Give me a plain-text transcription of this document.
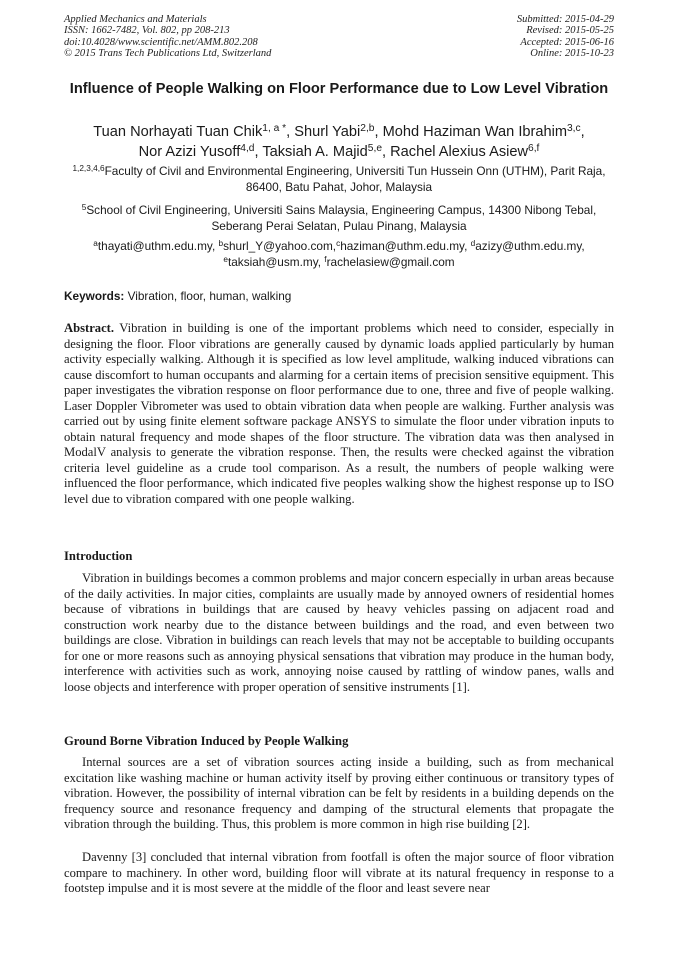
Applied Mechanics and Materials
ISSN: 1662-7482, Vol. 802, pp 208-213
doi:10.4028/www.scientific.net/AMM.802.208
© 2015 Trans Tech Publications Ltd, Switzerland
Submitted: 2015-04-29
Revised: 2015-05-25
Accepted: 2015-06-16
Online: 2015-10-23
Influence of People Walking on Floor Performance due to Low Level Vibration
Tuan Norhayati Tuan Chik$^{1, a *}$, Shurl Yabi$^{2,b}$, Mohd Haziman Wan Ibrahim$^{3,c}$,
Nor Azizi Yusoff$^{4,d}$, Taksiah A. Majid$^{5,e}$, Rachel Alexius Asiew$^{6,f}$
$^{1,2,3,4,6}$Faculty of Civil and Environmental Engineering, Universiti Tun Hussein Onn (UTHM), Parit Raja, 86400, Batu Pahat, Johor, Malaysia
$^5$School of Civil Engineering, Universiti Sains Malaysia, Engineering Campus, 14300 Nibong Tebal, Seberang Perai Selatan, Pulau Pinang, Malaysia
$^a$thayati@uthm.edu.my, $^b$shurl_Y@yahoo.com,$^c$haziman@uthm.edu.my, $^d$azizy@uthm.edu.my,
$^e$taksiah@usm.my, $^f$rachelasiew@gmail.com
Keywords: Vibration, floor, human, walking
Abstract. Vibration in building is one of the important problems which need to consider, especially in designing the floor. Floor vibrations are generally caused by dynamic loads applied particularly by human activity especially walking. Although it is specified as low level amplitude, walking induced vibrations can cause discomfort to human occupants and alarming for a certain items of precision sensitive equipment. This paper investigates the vibration response on floor performance due to one, three and five of people walking. Laser Doppler Vibrometer was used to obtain vibration data when people are walking. Further analysis was carried out by using finite element software package ANSYS to simulate the floor under vibration inputs to obtain natural frequency and mode shapes of the floor structure. The vibration data was then analysed in ModalV analysis to generate the vibration response. Then, the results were checked against the vibration criteria level guideline as a crude tool comparison. As a result, the numbers of people walking were influenced the floor performance, which indicated five peoples walking show the highest response up to ISO level due to vibration compared with one people walking.
Introduction
Vibration in buildings becomes a common problems and major concern especially in urban areas because of the daily activities. In major cities, complaints are usually made by annoyed owners of residential homes because of vibrations in buildings that are caused by heavy vehicles passing on adjacent road and construction work nearby due to the distance between buildings and the road, and even between two buildings are close. Vibration in buildings can reach levels that may not be acceptable to building occupants for one or more reasons such as annoying physical sensations that vibration may produce in the human body, interference with activities such as work, annoying noise caused by rattling of window panes, walls and loose objects and interference with proper operation of sensitive instruments [1].
Ground Borne Vibration Induced by People Walking
Internal sources are a set of vibration sources acting inside a building, such as from mechanical excitation like washing machine or human activity itself by proving either continuous or transitory types of vibration. However, the possibility of internal vibration can be felt by residents in a building depends on the frequency source and resonance frequency and damping of the structural elements that propagate the vibration through the building. Thus, this problem is more common in high rise building [2].
Davenny [3] concluded that internal vibration from footfall is often the major source of floor vibration compare to machinery. In other word, building floor will vibrate at its natural frequency in response to a footstep impulse and it is most severe at the middle of the floor and least severe near
